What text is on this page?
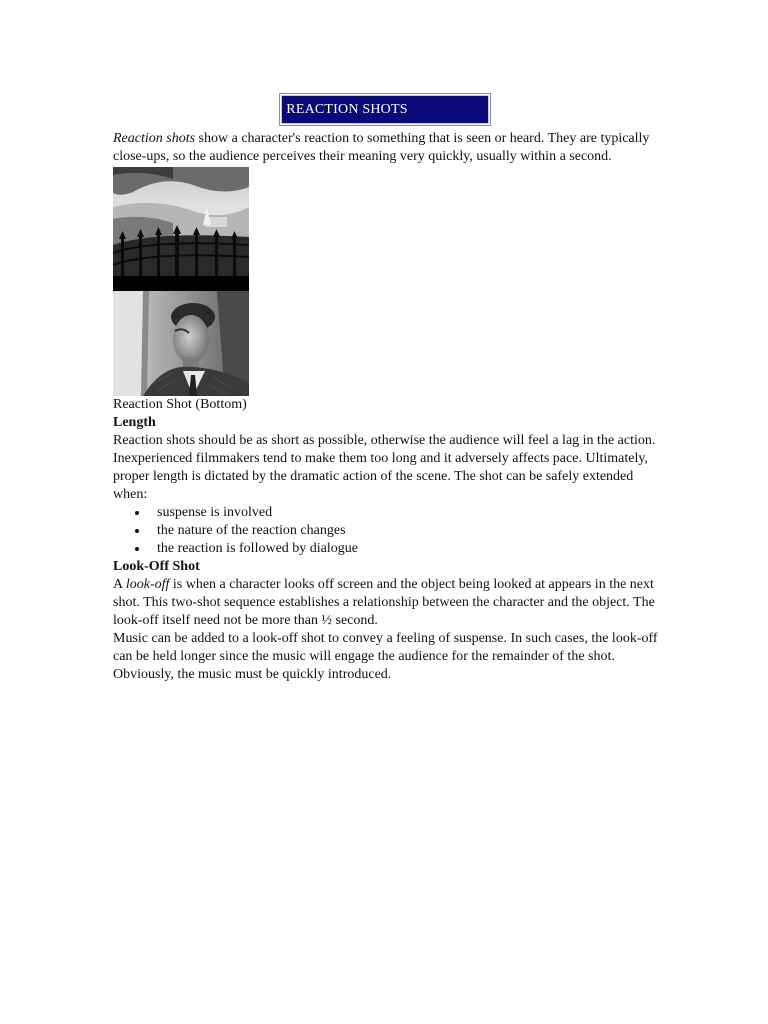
REACTION SHOTS

Reaction shots show a character's reaction to something that is seen or heard. They are typically close-ups, so the audience perceives their meaning very quickly, usually within a second.

Reaction Shot (Bottom)

Length

Reaction shots should be as short as possible, otherwise the audience will feel a lag in the action. Inexperienced filmmakers tend to make them too long and it adversely affects pace. Ultimately, proper length is dictated by the dramatic action of the scene. The shot can be safely extended when:

suspense is involved
the nature of the reaction changes
the reaction is followed by dialogue
Look-Off Shot

A look-off is when a character looks off screen and the object being looked at appears in the next shot. This two-shot sequence establishes a relationship between the character and the object. The look-off itself need not be more than ½ second.

Music can be added to a look-off shot to convey a feeling of suspense. In such cases, the look-off can be held longer since the music will engage the audience for the remainder of the shot. Obviously, the music must be quickly introduced.
